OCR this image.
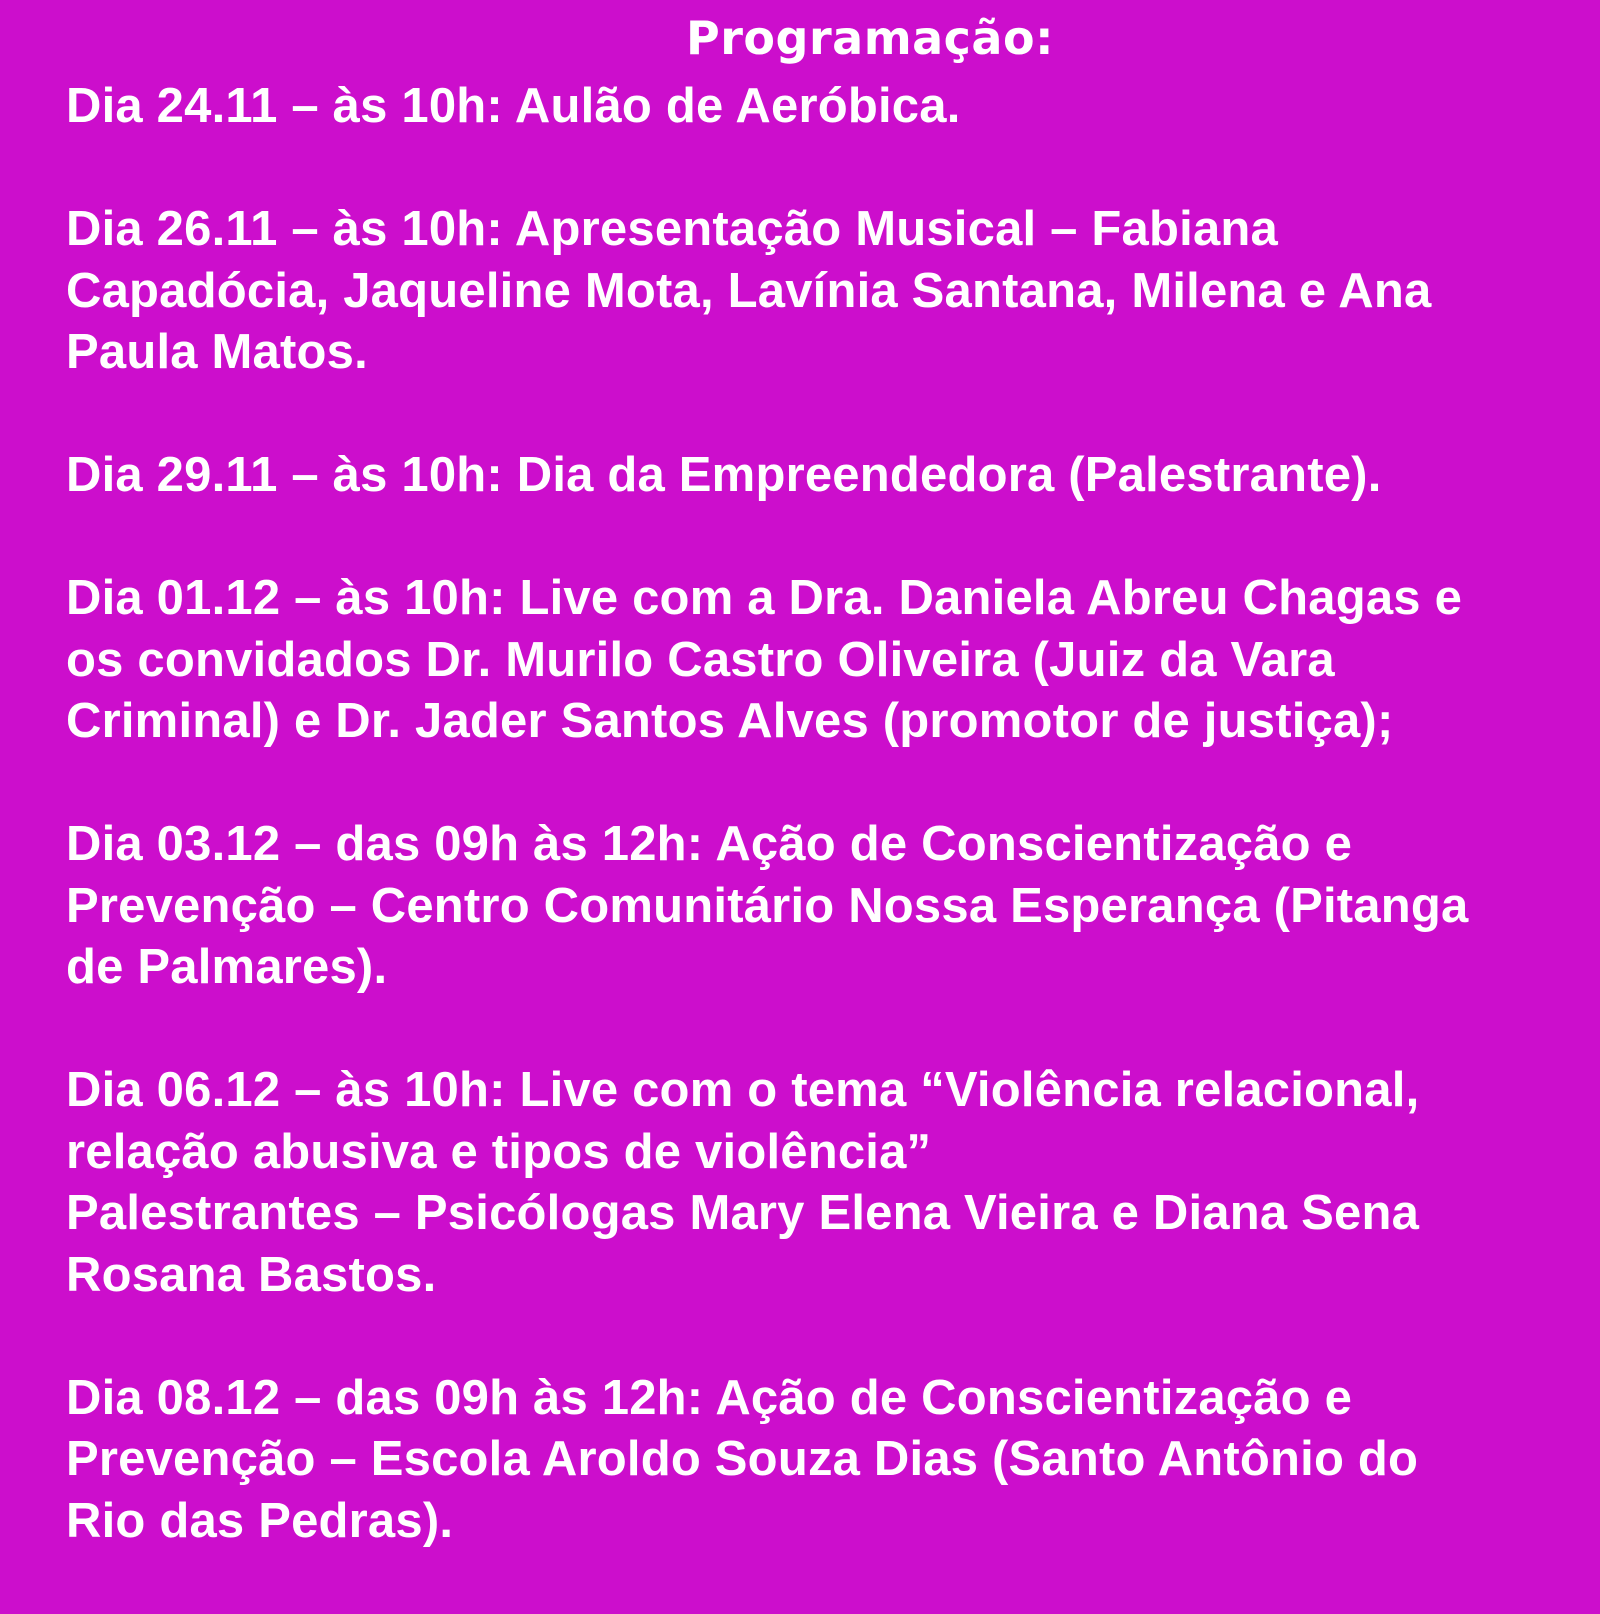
Programação:
Dia 24.11 – às 10h: Aulão de Aeróbica.
Dia 26.11 – às 10h: Apresentação Musical – Fabiana
Capadócia, Jaqueline Mota, Lavínia Santana, Milena e Ana
Paula Matos.
Dia 29.11 – às 10h: Dia da Empreendedora (Palestrante).
Dia 01.12 – às 10h: Live com a Dra. Daniela Abreu Chagas e
os convidados Dr. Murilo Castro Oliveira (Juiz da Vara
Criminal) e Dr. Jader Santos Alves (promotor de justiça);
Dia 03.12 – das 09h às 12h: Ação de Conscientização e
Prevenção – Centro Comunitário Nossa Esperança (Pitanga
de Palmares).
Dia 06.12 – às 10h: Live com o tema “Violência relacional,
relação abusiva e tipos de violência”
Palestrantes – Psicólogas Mary Elena Vieira e Diana Sena
Rosana Bastos.
Dia 08.12 – das 09h às 12h: Ação de Conscientização e
Prevenção – Escola Aroldo Souza Dias (Santo Antônio do
Rio das Pedras).
